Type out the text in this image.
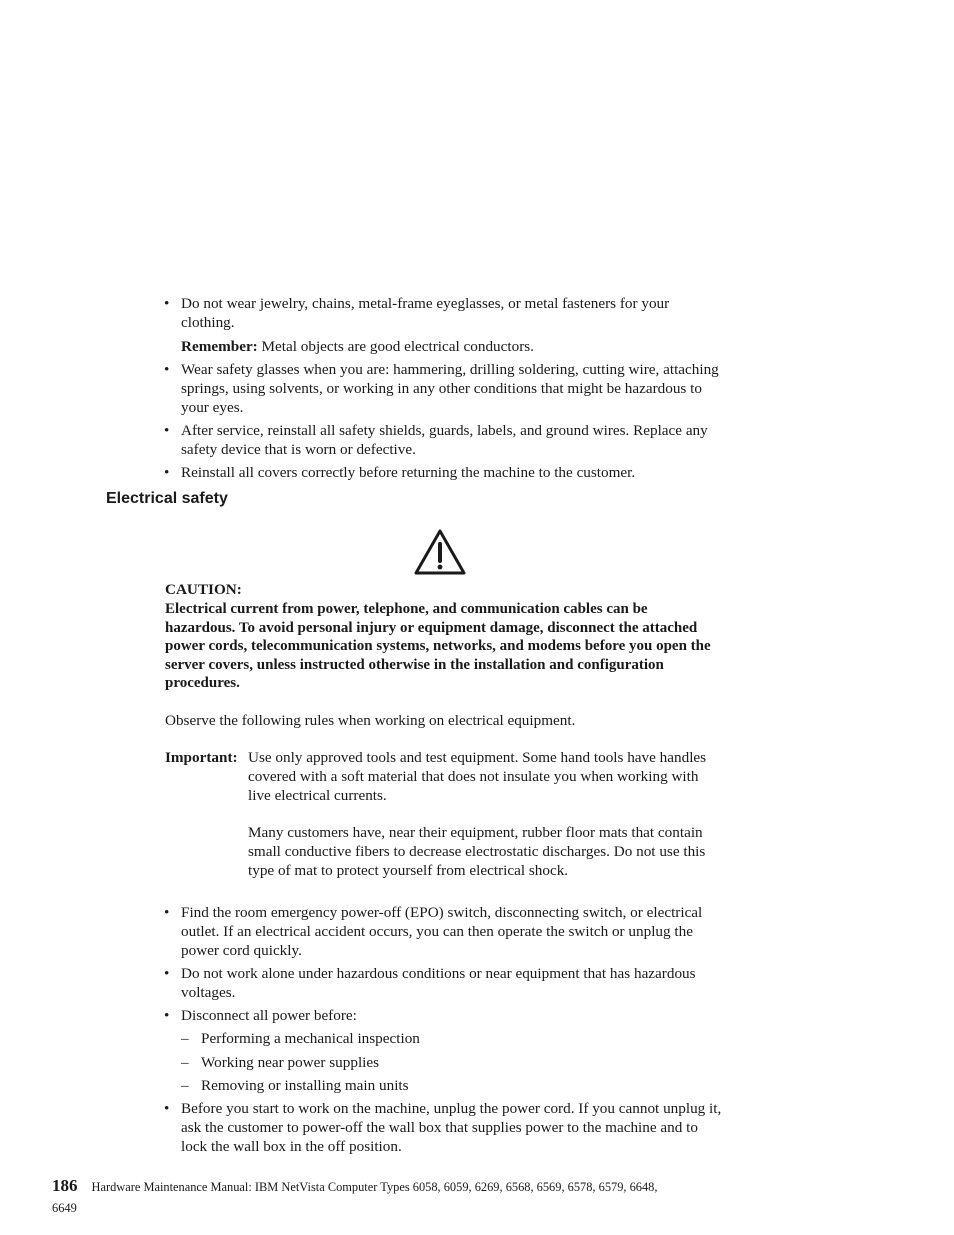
• Do not wear jewelry, chains, metal-frame eyeglasses, or metal fasteners for your clothing.
Remember: Metal objects are good electrical conductors.
• Wear safety glasses when you are: hammering, drilling soldering, cutting wire, attaching springs, using solvents, or working in any other conditions that might be hazardous to your eyes.
• After service, reinstall all safety shields, guards, labels, and ground wires. Replace any safety device that is worn or defective.
• Reinstall all covers correctly before returning the machine to the customer.
Electrical safety
CAUTION:
Electrical current from power, telephone, and communication cables can be hazardous. To avoid personal injury or equipment damage, disconnect the attached power cords, telecommunication systems, networks, and modems before you open the server covers, unless instructed otherwise in the installation and configuration procedures.
Observe the following rules when working on electrical equipment.
Important: Use only approved tools and test equipment. Some hand tools have handles covered with a soft material that does not insulate you when working with live electrical currents.
Many customers have, near their equipment, rubber floor mats that contain small conductive fibers to decrease electrostatic discharges. Do not use this type of mat to protect yourself from electrical shock.
• Find the room emergency power-off (EPO) switch, disconnecting switch, or electrical outlet. If an electrical accident occurs, you can then operate the switch or unplug the power cord quickly.
• Do not work alone under hazardous conditions or near equipment that has hazardous voltages.
• Disconnect all power before:
– Performing a mechanical inspection
– Working near power supplies
– Removing or installing main units
• Before you start to work on the machine, unplug the power cord. If you cannot unplug it, ask the customer to power-off the wall box that supplies power to the machine and to lock the wall box in the off position.
186 Hardware Maintenance Manual: IBM NetVista Computer Types 6058, 6059, 6269, 6568, 6569, 6578, 6579, 6648,
6649
